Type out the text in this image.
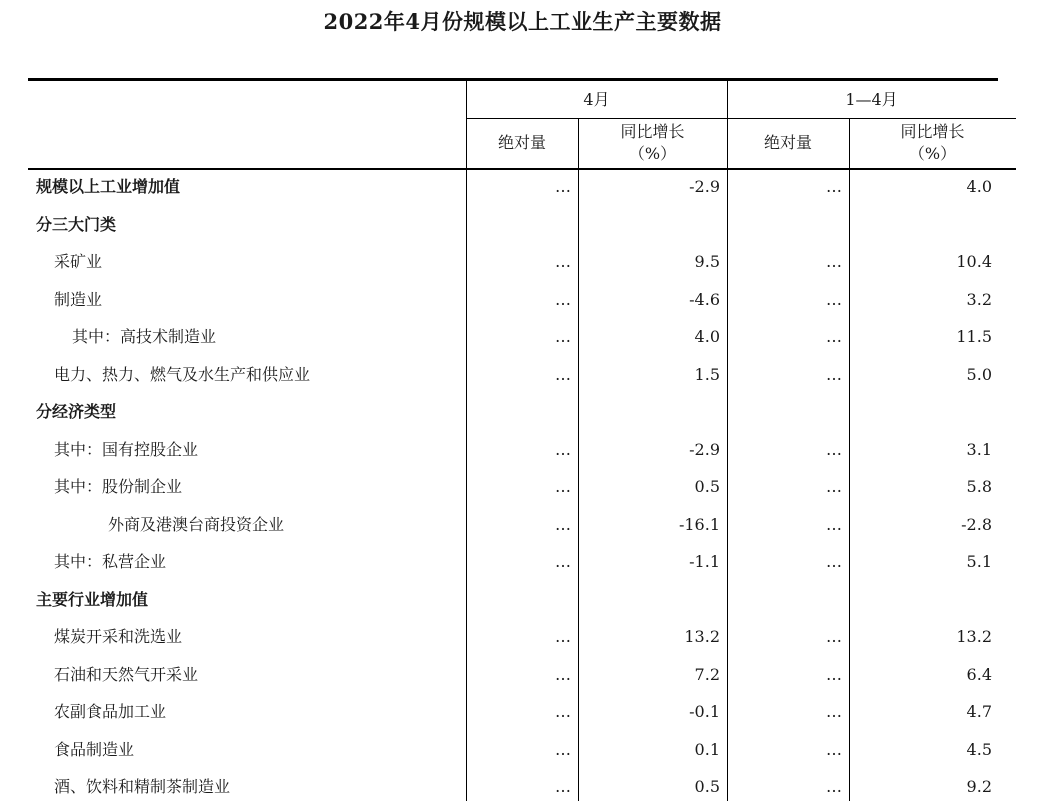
2022年4月份规模以上工业生产主要数据
4月	1—4月
绝对量
同比增长
（%）
绝对量
同比增长
（%）
规模以上工业增加值	…	-2.9	…	4.0
分三大门类
采矿业	…	9.5	…	10.4
制造业	…	-4.6	…	3.2
其中：高技术制造业	…	4.0	…	11.5
电力、热力、燃气及水生产和供应业	…	1.5	…	5.0
分经济类型
其中：国有控股企业	…	-2.9	…	3.1
其中：股份制企业	…	0.5	…	5.8
外商及港澳台商投资企业	…	-16.1	…	-2.8
其中：私营企业	…	-1.1	…	5.1
主要行业增加值
煤炭开采和洗选业	…	13.2	…	13.2
石油和天然气开采业	…	7.2	…	6.4
农副食品加工业	…	-0.1	…	4.7
食品制造业	…	0.1	…	4.5
酒、饮料和精制茶制造业	…	0.5	…	9.2
